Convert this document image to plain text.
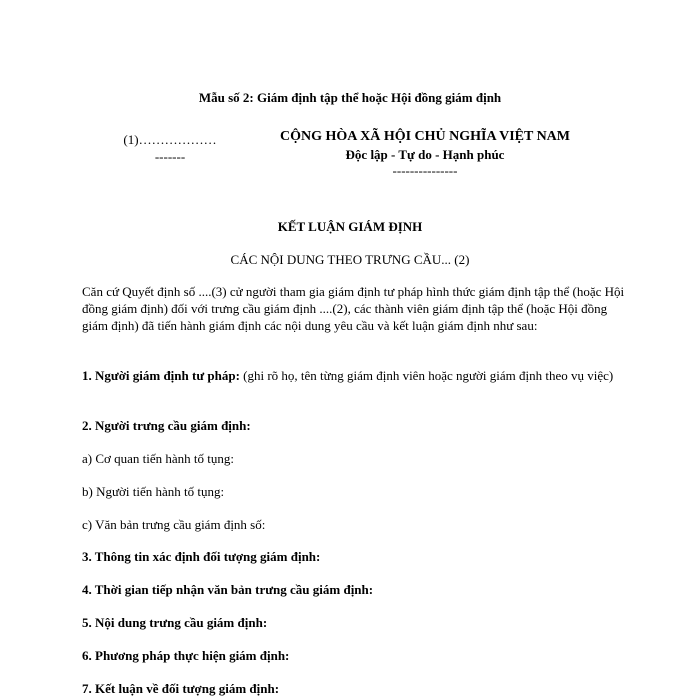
Mẫu số 2: Giám định tập thể hoặc Hội đồng giám định
(1)………………
-------
CỘNG HÒA XÃ HỘI CHỦ NGHĨA VIỆT NAM
Độc lập - Tự do - Hạnh phúc
---------------
KẾT LUẬN GIÁM ĐỊNH
CÁC NỘI DUNG THEO TRƯNG CẦU... (2)
Căn cứ Quyết định số ....(3) cử người tham gia giám định tư pháp hình thức giám định tập thể (hoặc Hội đồng giám định) đối với trưng cầu giám định ....(2), các thành viên giám định tập thể (hoặc Hội đồng giám định) đã tiến hành giám định các nội dung yêu cầu và kết luận giám định như sau:
1. Người giám định tư pháp: (ghi rõ họ, tên từng giám định viên hoặc người giám định theo vụ việc)
2. Người trưng cầu giám định:
a) Cơ quan tiến hành tố tụng:
b) Người tiến hành tố tụng:
c) Văn bản trưng cầu giám định số:
3. Thông tin xác định đối tượng giám định:
4. Thời gian tiếp nhận văn bản trưng cầu giám định:
5. Nội dung trưng cầu giám định:
6. Phương pháp thực hiện giám định:
7. Kết luận về đối tượng giám định:
